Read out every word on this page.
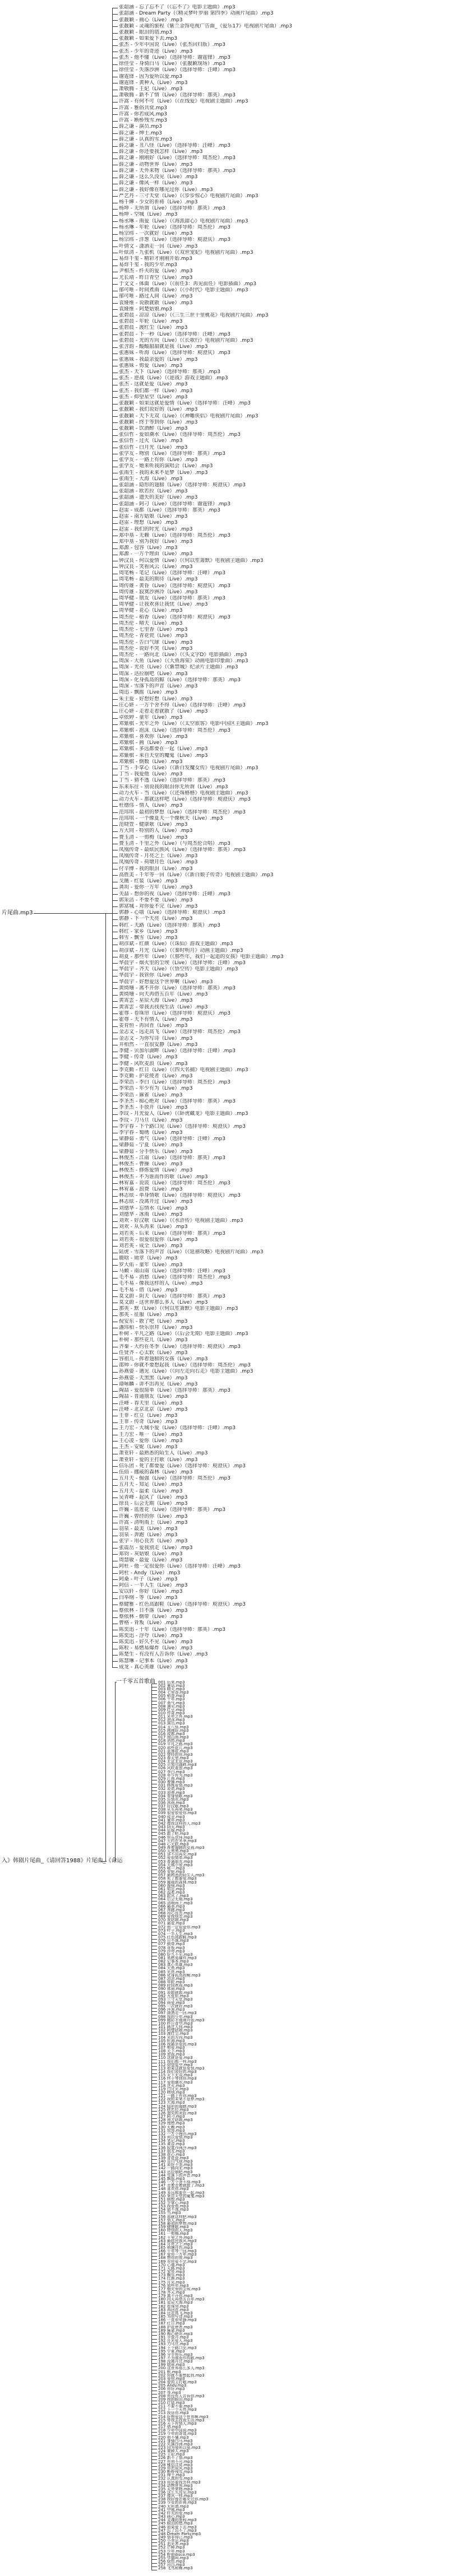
入》韩剧片尾曲_《请回答1988》片尾曲_《命运
片尾曲.mp3
一千零五首歌曲
张韶涵 - 忘了忘不了（《忘不了》电影主题曲）.mp3
张韶涵 - Dream Party（《精灵梦叶罗丽 第四季》动画片尾曲）.mp3
张靓颖 - 画心（Live）.mp3
张靓颖 - 灵魂的旅程（紫兰金饰电视广告曲_《爱乐17》电视剧片尾曲）.mp3
张靓颖 - 眼泪的错.mp3
张靓颖 - 如果爱下去.mp3
张杰 - 少年中国说（Live）（张杰回归版）.mp3
张杰 - 少年的奇迹（Live）.mp3
张杰 - 他不懂（Live）（选择导师：谢霆锋）.mp3
徐佳莹 - 身骑白马（Live）（张靓颖现场）.mp3
徐佳莹 - 失落沙洲（Live）（选择导师：汪峰）.mp3
谢霆锋 - 因为爱所以爱.mp3
谢霆锋 - 黄种人（Live）.mp3
萧敬腾 - 王妃（Live）.mp3
萧敬腾 - 新不了情（Live）（选择导师：那英）.mp3
许嵩 - 有何不可（Live）（《在线爱》电视剧主题曲）.mp3
许嵩 - 雅俗共赏.mp3
许嵩 - 你若成风.mp3
许嵩 - 断桥残雪.mp3
薛之谦 - 演员.mp3
薛之谦 - 绅士.mp3
薛之谦 - 认真的雪.mp3
薛之谦 - 丑八怪（Live）（选择导师：汪峰）.mp3
薛之谦 - 你还要我怎样（Live）.mp3
薛之谦 - 刚刚好（Live）（选择导师：周杰伦）.mp3
薛之谦 - 动物世界（Live）.mp3
薛之谦 - 天外来物（Live）（选择导师：那英）.mp3
薛之谦 - 这么久没见（Live）.mp3
薛之谦 - 像风一样（Live）.mp3
薛之谦 - 我好像在哪见过你（Live）.mp3
严艺丹 - 三寸天堂（Live）（《步步惊心》电视剧片尾曲）.mp3
杨千嬅 - 少女的祈祷（Live）.mp3
杨坤 - 无所谓（Live）（选择导师：那英）.mp3
杨坤 - 空城（Live）.mp3
杨丞琳 - 雨爱（Live）（《海派甜心》电视剧片尾曲）.mp3
杨丞琳 - 年轮（Live）（选择导师：周杰伦）.mp3
杨宗纬 - 一次就好（Live）.mp3
杨宗纬 - 洋葱（Live）（选择导师：庾澄庆）.mp3
叶倩文 - 潇洒走一回（Live）.mp3
叶炫清 - 九张机（Live）（《双世宠妃》电视剧片尾曲）.mp3
易烊千玺 - 精彩才刚刚开始.mp3
易烊千玺 - 我的少年.mp3
尹相杰 - 纤夫的爱（Live）.mp3
尤长靖 - 昨日青空（Live）.mp3
于文文 - 体面（Live）（《前任3：再见前任》电影插曲）.mp3
郁可唯 - 时间煮雨（Live）（《小时代》电影主题曲）.mp3
郁可唯 - 路过人间（Live）.mp3
袁娅维 - 说散就散（Live）.mp3
袁娅维 - 阿楚姑娘.mp3
张碧晨 - 凉凉（Live）（《三生三世十里桃花》电视剧片尾曲）.mp3
张碧晨 - 年轮（Live）.mp3
张碧晨 - 渡红尘（Live）.mp3
张碧晨 - 下一秒（Live）（选择导师：汪峰）.mp3
张碧晨 - 光的方向（Live）（《长歌行》电视剧片尾曲）.mp3
张含韵 - 酸酸甜甜就是我（Live）.mp3
张惠妹 - 听海（Live）（选择导师：庾澄庆）.mp3
张惠妹 - 我最亲爱的（Live）.mp3
张惠妹 - 剪爱（Live）.mp3
张杰 - 天下（Live）（选择导师：那英）.mp3
张杰 - 逆战（Live）（《逆战》游戏主题曲）.mp3
张杰 - 这就是爱（Live）.mp3
张杰 - 我们都一样（Live）.mp3
张杰 - 仰望星空（Live）.mp3
张靓颖 - 如果这就是爱情（Live）（选择导师：汪峰）.mp3
张靓颖 - 我们说好的（Live）.mp3
张靓颖 - 天下无双（Live）（《神雕侠侣》电视剧片尾曲）.mp3
张靓颖 - 终于等到你（Live）.mp3
张靓颖 - 饮酒醉（Live）.mp3
张信哲 - 爱如潮水（Live）（选择导师：周杰伦）.mp3
张信哲 - 过火（Live）.mp3
张信哲 - 白月光（Live）.mp3
张学友 - 吻别（Live）（选择导师：那英）.mp3
张学友 - 一路上有你（Live）.mp3
张学友 - 她来听我的演唱会（Live）.mp3
张雨生 - 我的未来不是梦（Live）.mp3
张雨生 - 大海（Live）.mp3
张韶涵 - 隐形的翅膀（Live）（选择导师：庾澄庆）.mp3
张韶涵 - 欧若拉（Live）.mp3
张韶涵 - 遗失的美好（Live）.mp3
张韶涵 - 阿刁（Live）（选择导师：谢霆锋）.mp3
赵雷 - 成都（Live）（选择导师：那英）.mp3
赵雷 - 南方姑娘（Live）.mp3
赵雷 - 理想（Live）.mp3
赵雷 - 我们的时光（Live）.mp3
郑中基 - 无赖（Live）（选择导师：周杰伦）.mp3
郑中基 - 别为我好（Live）.mp3
郑源 - 包容（Live）.mp3
郑源 - 一万个理由（Live）.mp3
钟汉良 - 何以爱情（Live）（《何以笙箫默》电视剧主题曲）.mp3
钟汉良 - 笑看风云（Live）.mp3
周笔畅 - 笔记（Live）（选择导师：汪峰）.mp3
周笔畅 - 最美的期待（Live）.mp3
周传雄 - 黄昏（Live）（选择导师：庾澄庆）.mp3
周传雄 - 寂寞沙洲冷（Live）.mp3
周华健 - 朋友（Live）（选择导师：那英）.mp3
周华健 - 让我欢喜让我忧（Live）.mp3
周华健 - 花心（Live）.mp3
周杰伦 - 稻香（Live）（选择导师：庾澄庆）.mp3
周杰伦 - 晴天（Live）.mp3
周杰伦 - 七里香（Live）.mp3
周杰伦 - 青花瓷（Live）.mp3
周杰伦 - 告白气球（Live）.mp3
周杰伦 - 说好不哭（Live）.mp3
周杰伦 - 一路向北（Live）（《头文字D》电影插曲）.mp3
周深 - 大鱼（Live）（《大鱼海棠》动画电影印象曲）.mp3
周深 - 光亮（Live）（《紫禁城》纪录片主题曲）.mp3
周深 - 达拉崩吧（Live）.mp3
周深 - 化身孤岛的鲸（Live）（选择导师：那英）.mp3
周深 - 雪落下的声音（Live）.mp3
周迅 - 飘摇（Live）.mp3
朱主爱 - 好想好想（Live）.mp3
庄心妍 - 一万个舍不得（Live）（选择导师：汪峰）.mp3
庄心妍 - 走着走着就散了（Live）.mp3
卓依婷 - 童年（Live）.mp3
邓紫棋 - 光年之外（Live）（《太空旅客》电影中国区主题曲）.mp3
邓紫棋 - 泡沫（Live）（选择导师：周杰伦）.mp3
邓紫棋 - 喜欢你（Live）.mp3
邓紫棋 - 画（Live）.mp3
邓紫棋 - 多远都要在一起（Live）.mp3
邓紫棋 - 来自天堂的魔鬼（Live）.mp3
邓紫棋 - 倒数（Live）.mp3
丁当 - 手掌心（Live）（《新白发魔女传》电视剧片尾曲）.mp3
丁当 - 我爱他（Live）.mp3
丁当 - 猜不透（Live）（选择导师：那英）.mp3
东来东往 - 别说我的眼泪你无所谓（Live）.mp3
动力火车 - 当（Live）（《还珠格格》电视剧主题曲）.mp3
动力火车 - 那就这样吧（Live）（选择导师：庾澄庆）.mp3
杜德伟 - 情人（Live）.mp3
范玮琪 - 最初的梦想（Live）（选择导师：周杰伦）.mp3
范玮琪 - 一个像夏天一个像秋天（Live）.mp3
范晓萱 - 健康歌（Live）.mp3
方大同 - 特别的人（Live）.mp3
费玉清 - 一剪梅（Live）.mp3
费玉清 - 千里之外（Live）（与周杰伦合唱）.mp3
凤凰传奇 - 最炫民族风（Live）（选择导师：那英）.mp3
凤凰传奇 - 月亮之上（Live）.mp3
凤凰传奇 - 荷塘月色（Live）.mp3
付辛博 - 我的眼泪（Live）.mp3
高胜美 - 千年等一回（Live）（《新白娘子传奇》电视剧主题曲）.mp3
戈薇 - 红装（Live）.mp3
龚玥 - 爱你一万年（Live）.mp3
关喆 - 想你的夜（Live）（选择导师：汪峰）.mp3
郭采洁 - 不要不要（Live）.mp3
郭富城 - 对你爱不完（Live）.mp3
郭静 - 心墙（Live）（选择导师：庾澄庆）.mp3
郭静 - 下一个天亮（Live）.mp3
韩红 - 天路（Live）（选择导师：那英）.mp3
韩红 - 家乡（Live）.mp3
韩雪 - 飘雪（Live）.mp3
胡彦斌 - 红颜（Live）（《诛仙》游戏主题曲）.mp3
胡彦斌 - 月光（Live）（《秦时明月》动画主题曲）.mp3
胡夏 - 那些年（Live）（《那些年，我们一起追的女孩》电影主题曲）.mp3
华晨宇 - 烟火里的尘埃（Live）（选择导师：汪峰）.mp3
华晨宇 - 齐天（Live）（《悟空传》电影主题曲）.mp3
华晨宇 - 我管你（Live）.mp3
华晨宇 - 好想爱这个世界啊（Live）.mp3
黄绮珊 - 离不开你（Live）（选择导师：那英）.mp3
黄绮珊 - 向天再借五百年（Live）.mp3
黄霄雲 - 星辰大海（Live）.mp3
黄霄雲 - 带我去找夜生活（Live）.mp3
霍尊 - 卷珠帘（Live）（选择导师：庾澄庆）.mp3
霍尊 - 天下有情人（Live）.mp3
姜育恒 - 再回首（Live）.mp3
金志文 - 远走高飞（Live）（选择导师：周杰伦）.mp3
金志文 - 为你写诗（Live）.mp3
井柏然 - 一直很安静（Live）.mp3
李健 - 贝加尔湖畔（Live）（选择导师：汪峰）.mp3
李健 - 传奇（Live）.mp3
李健 - 风吹麦浪（Live）.mp3
李克勤 - 红日（Live）（《四大名捕》电视剧主题曲）.mp3
李克勤 - 护花使者（Live）.mp3
李荣浩 - 李白（Live）（选择导师：周杰伦）.mp3
李荣浩 - 年少有为（Live）.mp3
李荣浩 - 麻雀（Live）.mp3
李圣杰 - 痴心绝对（Live）（选择导师：那英）.mp3
李圣杰 - 手放开（Live）.mp3
李玟 - 月光爱人（Live）（《卧虎藏龙》电影主题曲）.mp3
李玟 - 刀马旦（Live）.mp3
李宇春 - 下个路口见（Live）（选择导师：庾澄庆）.mp3
李宇春 - 蜀绣（Live）.mp3
梁静茹 - 勇气（Live）（选择导师：汪峰）.mp3
梁静茹 - 宁夏（Live）.mp3
梁静茹 - 分手快乐（Live）.mp3
林俊杰 - 江南（Live）（选择导师：那英）.mp3
林俊杰 - 曹操（Live）.mp3
林俊杰 - 修炼爱情（Live）.mp3
林俊杰 - 不为谁而作的歌（Live）.mp3
林宥嘉 - 说谎（Live）（选择导师：周杰伦）.mp3
林宥嘉 - 浪费（Live）.mp3
林志炫 - 单身情歌（Live）（选择导师：庾澄庆）.mp3
林志炫 - 没离开过（Live）.mp3
刘德华 - 忘情水（Live）.mp3
刘德华 - 冰雨（Live）.mp3
刘欢 - 好汉歌（Live）（《水浒传》电视剧主题曲）.mp3
刘欢 - 从头再来（Live）.mp3
刘若英 - 后来（Live）（选择导师：那英）.mp3
刘若英 - 很爱很爱你（Live）.mp3
刘若英 - 成全（Live）.mp3
陆虎 - 雪落下的声音（Live）（《延禧攻略》电视剧片尾曲）.mp3
鹿晗 - 勋章（Live）.mp3
罗大佑 - 童年（Live）.mp3
马頔 - 南山南（Live）（选择导师：汪峰）.mp3
毛不易 - 消愁（Live）（选择导师：周杰伦）.mp3
毛不易 - 像我这样的人（Live）.mp3
毛不易 - 借（Live）.mp3
莫文蔚 - 阴天（Live）（选择导师：那英）.mp3
莫文蔚 - 这世界那么多人（Live）.mp3
那英 - 默（Live）（《何以笙箫默》电影主题曲）.mp3
那英 - 征服（Live）.mp3
倪安东 - 散了吧（Live）.mp3
潘玮柏 - 快乐崇拜（Live）.mp3
朴树 - 平凡之路（Live）（《后会无期》电影主题曲）.mp3
朴树 - 那些花儿（Live）.mp3
齐秦 - 大约在冬季（Live）（选择导师：庾澄庆）.mp3
任贤齐 - 心太软（Live）.mp3
容祖儿 - 挥着翅膀的女孩（Live）.mp3
邵帅 - 你就不要想起我（Live）（选择导师：周杰伦）.mp3
孙燕姿 - 遇见（Live）（《向左走向右走》电影主题曲）.mp3
孙燕姿 - 天黑黑（Live）.mp3
谭咏麟 - 讲不出再见（Live）.mp3
陶喆 - 爱很简单（Live）（选择导师：那英）.mp3
陶喆 - 普通朋友（Live）.mp3
汪峰 - 春天里（Live）.mp3
汪峰 - 北京北京（Live）.mp3
王菲 - 红豆（Live）.mp3
王菲 - 传奇（Live）.mp3
王力宏 - 大城小爱（Live）（选择导师：汪峰）.mp3
王力宏 - 唯一（Live）.mp3
王心凌 - 爱你（Live）.mp3
王杰 - 安妮（Live）.mp3
萧亚轩 - 最熟悉的陌生人（Live）.mp3
萧亚轩 - 爱的主打歌（Live）.mp3
信乐团 - 死了都要爱（Live）（选择导师：庾澄庆）.mp3
伍佰 - 挪威的森林（Live）.mp3
五月天 - 倔强（Live）（选择导师：周杰伦）.mp3
五月天 - 知足（Live）.mp3
五月天 - 温柔（Live）.mp3
吴青峰 - 起风了（Live）.mp3
徐良 - 后会无期（Live）.mp3
许巍 - 蓝莲花（Live）（选择导师：那英）.mp3
许巍 - 曾经的你（Live）.mp3
许嵩 - 清明雨上（Live）.mp3
羽泉 - 最美（Live）.mp3
羽泉 - 奔跑（Live）.mp3
张宇 - 用心良苦（Live）.mp3
张震岳 - 爱我别走（Live）.mp3
郑钧 - 灰姑娘（Live）.mp3
周慧敏 - 最爱（Live）.mp3
阿杜 - 他一定很爱你（Live）（选择导师：汪峰）.mp3
阿杜 - Andy（Live）.mp3
阿桑 - 叶子（Live）.mp3
阿信 - 一半人生（Live）.mp3
安以轩 - 你好（Live）.mp3
白举纲 - 等（Live）.mp3
蔡健雅 - 红色高跟鞋（Live）（选择导师：庾澄庆）.mp3
蔡依林 - 日不落（Live）.mp3
蔡依林 - 倒带（Live）.mp3
曹格 - 背叛（Live）.mp3
陈奕迅 - 十年（Live）（选择导师：那英）.mp3
陈奕迅 - 浮夸（Live）.mp3
陈奕迅 - 好久不见（Live）.mp3
陈粒 - 易燃易爆炸（Live）.mp3
陈楚生 - 有没有人告诉你（Live）.mp3
陈慧琳 - 记事本（Live）.mp3
成龙 - 真心英雄（Live）.mp3
001 后来.mp3
002 童话.mp3
003 晴天.mp3
004 七里香.mp3
005 稻香.mp3
006 十年.mp3
007 勇气.mp3
008 遇见.mp3
009 红豆.mp3
010 传奇.mp3
011 光年之外.mp3
012 泡沫.mp3
013 演员.mp3
014 丑八怪.mp3
015 刚刚好.mp3
016 成都.mp3
017 南山南.mp3
018 消愁.mp3
019 平凡之路.mp3
020 那些花儿.mp3
021 蓝莲花.mp3
022 曾经的你.mp3
023 春天里.mp3
024 北京北京.mp3
025 贝加尔湖畔.mp3
026 风吹麦浪.mp3
027 李白.mp3
028 年少有为.mp3
029 江南.mp3
030 曹操.mp3
031 修炼爱情.mp3
032 说谎.mp3
033 浪费.mp3
034 单身情歌.mp3
035 忘情水.mp3
036 冰雨.mp3
037 好汉歌.mp3
038 从头再来.mp3
039 很爱很爱你.mp3
040 成全.mp3
041 童年.mp3
042 像我这样的人.mp3
043 阴天.mp3
044 征服.mp3
045 散了吧.mp3
046 快乐崇拜.mp3
047 大约在冬季.mp3
048 心太软.mp3
049 挥着翅膀的女孩.mp3
050 天黑黑.mp3
051 讲不出再见.mp3
052 爱很简单.mp3
053 普通朋友.mp3
054 大城小爱.mp3
055 唯一.mp3
056 安妮.mp3
057 最熟悉的陌生人.mp3
058 死了都要爱.mp3
059 挪威的森林.mp3
060 倔强.mp3
061 知足.mp3
062 温柔.mp3
063 起风了.mp3
064 后会无期.mp3
065 清明雨上.mp3
066 最美.mp3
067 奔跑.mp3
068 用心良苦.mp3
069 爱我别走.mp3
070 灰姑娘.mp3
071 最爱.mp3
072 他一定很爱你.mp3
073 叶子.mp3
074 一半人生.mp3
075 红色高跟鞋.mp3
076 日不落.mp3
077 倒带.mp3
078 背叛.mp3
079 浮夸.mp3
080 好久不见.mp3
081 易燃易爆炸.mp3
082 记事本.mp3
083 真心英雄.mp3
084 大鱼.mp3
085 光亮.mp3
086 化身孤岛的鲸.mp3
087 凉凉.mp3
088 年轮.mp3
089 时间煮雨.mp3
090 体面.mp3
091 说散就散.mp3
092 九张机.mp3
093 三寸天堂.mp3
094 雨爱.mp3
095 一次就好.mp3
096 洋葱.mp3
097 潇洒走一回.mp3
098 我的少年.mp3
099 精彩才刚刚开始.mp3
100 昨日青空.mp3
101 路过人间.mp3
102 阿楚姑娘.mp3
103 渡红尘.mp3
104 光的方向.mp3
105 听海.mp3
106 我最亲爱的.mp3
107 剪爱.mp3
108 天下.mp3
109 逆战.mp3
110 这就是爱.mp3
111 我们都一样.mp3
112 仰望星空.mp3
113 如果这就是爱情.mp3
114 我们说好的.mp3
115 天下无双.mp3
116 终于等到你.mp3
117 爱如潮水.mp3
118 过火.mp3
119 白月光.mp3
120 吻别.mp3
121 一路上有你.mp3
122 我的未来不是梦.mp3
123 大海.mp3
124 隐形的翅膀.mp3
125 欧若拉.mp3
126 遗失的美好.mp3
127 阿刁.mp3
128 南方姑娘.mp3
129 理想.mp3
130 无赖.mp3
131 包容.mp3
132 一万个理由.mp3
133 何以爱情.mp3
134 笔记.mp3
135 黄昏.mp3
136 寂寞沙洲冷.mp3
137 朋友.mp3
138 花心.mp3
139 青花瓷.mp3
140 告白气球.mp3
141 说好不哭.mp3
142 一路向北.mp3
143 达拉崩吧.mp3
144 雪落下的声音.mp3
145 飘摇.mp3
146 一万个舍不得.mp3
147 走着走着就散了.mp3
148 喜欢你.mp3
149 多远都要在一起.mp3
150 来自天堂的魔鬼.mp3
151 倒数.mp3
152 手掌心.mp3
153 我爱他.mp3
154 猜不透.mp3
155 当.mp3
156 那就这样吧.mp3
157 情人.mp3
158 最初的梦想.mp3
159 健康歌.mp3
160 特别的人.mp3
161 一剪梅.mp3
162 千里之外.mp3
163 最炫民族风.mp3
164 月亮之上.mp3
165 荷塘月色.mp3
166 千年等一回.mp3
167 爱你一万年.mp3
168 想你的夜.mp3
169 对你爱不完.mp3
170 心墙.mp3
171 天路.mp3
172 家乡.mp3
173 飘雪.mp3
174 红颜.mp3
175 月光.mp3
176 那些年.mp3
177 烟火里的尘埃.mp3
178 齐天.mp3
179 离不开你.mp3
180 向天再借五百年.mp3
181 星辰大海.mp3
182 卷珠帘.mp3
183 再回首.mp3
184 远走高飞.mp3
185 为你写诗.mp3
186 一直很安静.mp3
187 红日.mp3
188 护花使者.mp3
189 麻雀.mp3
190 痴心绝对.mp3
191 手放开.mp3
192 月光爱人.mp3
193 刀马旦.mp3
194 下个路口见.mp3
195 宁夏.mp3
196 分手快乐.mp3
197 不为谁而作的歌.mp3
198 没离开过.mp3
199 勋章.mp3
200 这世界那么多人.mp3
201 默.mp3
202 你就不要想起我.mp3
203 爱你.mp3
204 爱的主打歌.mp3
205 Andy.mp3
206 你好.mp3
207 等.mp3
208 有没有人告诉你.mp3
209 我的眼泪.mp3
210 红装.mp3
211 不要不要.mp3
212 下一个天亮.mp3
213 我管你.mp3
214 好想爱这个世界啊.mp3
215 带我去找夜生活.mp3
216 天下有情人.mp3
217 借.mp3
218 少年中国说.mp3
219 少年的奇迹.mp3
220 他不懂.mp3
221 身骑白马.mp3
222 失落沙洲.mp3
223 因为爱所以爱.mp3
224 黄种人.mp3
225 王妃.mp3
226 新不了情.mp3
227 有何不可.mp3
228 雅俗共赏.mp3
229 你若成风.mp3
230 断桥残雪.mp3
231 绅士.mp3
232 认真的雪.mp3
233 你还要我怎样.mp3
234 动物世界.mp3
235 天外来物.mp3
236 这么久没见.mp3
237 像风一样.mp3
238 我好像在哪见过你.mp3
239 少女的祈祷.mp3
240 无所谓.mp3
241 空城.mp3
242 纤夫的爱.mp3
243 画心.mp3
244 灵魂的旅程.mp3
245 眼泪的错.mp3
246 如果爱下去.mp3
247 忘了忘不了.mp3
248 Dream Party.mp3
249 情非得已.mp3
250 小幸运.mp3
251 追光者.mp3
252 芒种.mp3
253 少年.mp3
254 野狼disco.mp3
255 学猫叫.mp3
256 绿色.mp3
257 出山.mp3
258 飞鸟和蝉.mp3
